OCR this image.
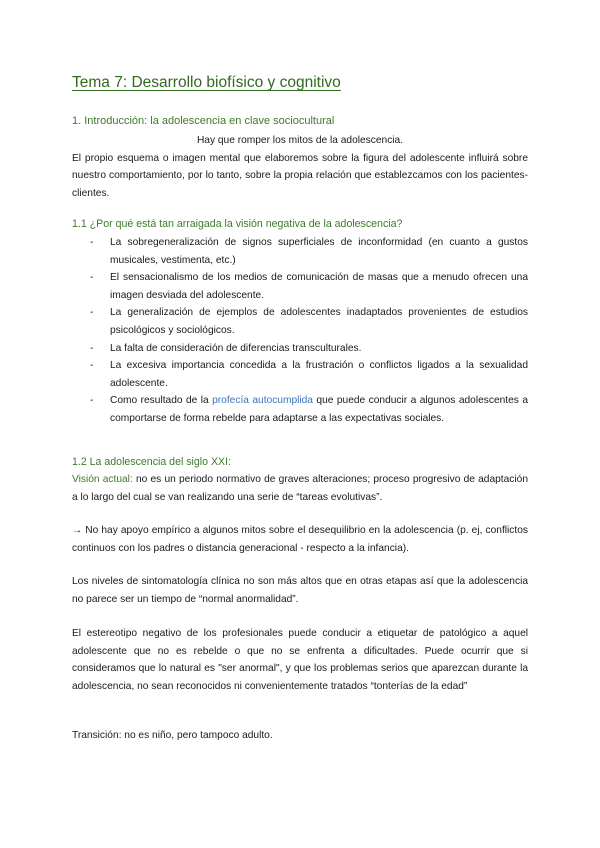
Tema 7: Desarrollo biofísico y cognitivo
1. Introducción: la adolescencia en clave sociocultural

Hay que romper los mitos de la adolescencia.

El propio esquema o imagen mental que elaboremos sobre la figura del adolescente influirá sobre nuestro comportamiento, por lo tanto, sobre la propia relación que establezcamos con los pacientes-clientes.

1.1 ¿Por qué está tan arraigada la visión negativa de la adolescencia?
- La sobregeneralización de signos superficiales de inconformidad (en cuanto a gustos musicales, vestimenta, etc.)
- El sensacionalismo de los medios de comunicación de masas que a menudo ofrecen una imagen desviada del adolescente.
- La generalización de ejemplos de adolescentes inadaptados provenientes de estudios psicológicos y sociológicos.
- La falta de consideración de diferencias transculturales.
- La excesiva importancia concedida a la frustración o conflictos ligados a la sexualidad adolescente.
- Como resultado de la profecía autocumplida que puede conducir a algunos adolescentes a comportarse de forma rebelde para adaptarse a las expectativas sociales.
1.2 La adolescencia del siglo XXI:

Visión actual: no es un periodo normativo de graves alteraciones; proceso progresivo de adaptación a lo largo del cual se van realizando una serie de “tareas evolutivas”.

→ No hay apoyo empírico a algunos mitos sobre el desequilibrio en la adolescencia (p. ej, conflictos continuos con los padres o distancia generacional - respecto a la infancia).

Los niveles de sintomatología clínica no son más altos que en otras etapas así que la adolescencia no parece ser un tiempo de “normal anormalidad”.

El estereotipo negativo de los profesionales puede conducir a etiquetar de patológico a aquel adolescente que no es rebelde o que no se enfrenta a dificultades. Puede ocurrir que si consideramos que lo natural es "ser anormal", y que los problemas serios que aparezcan durante la adolescencia, no sean reconocidos ni convenientemente tratados “tonterías de la edad”

Transición: no es niño, pero tampoco adulto.
